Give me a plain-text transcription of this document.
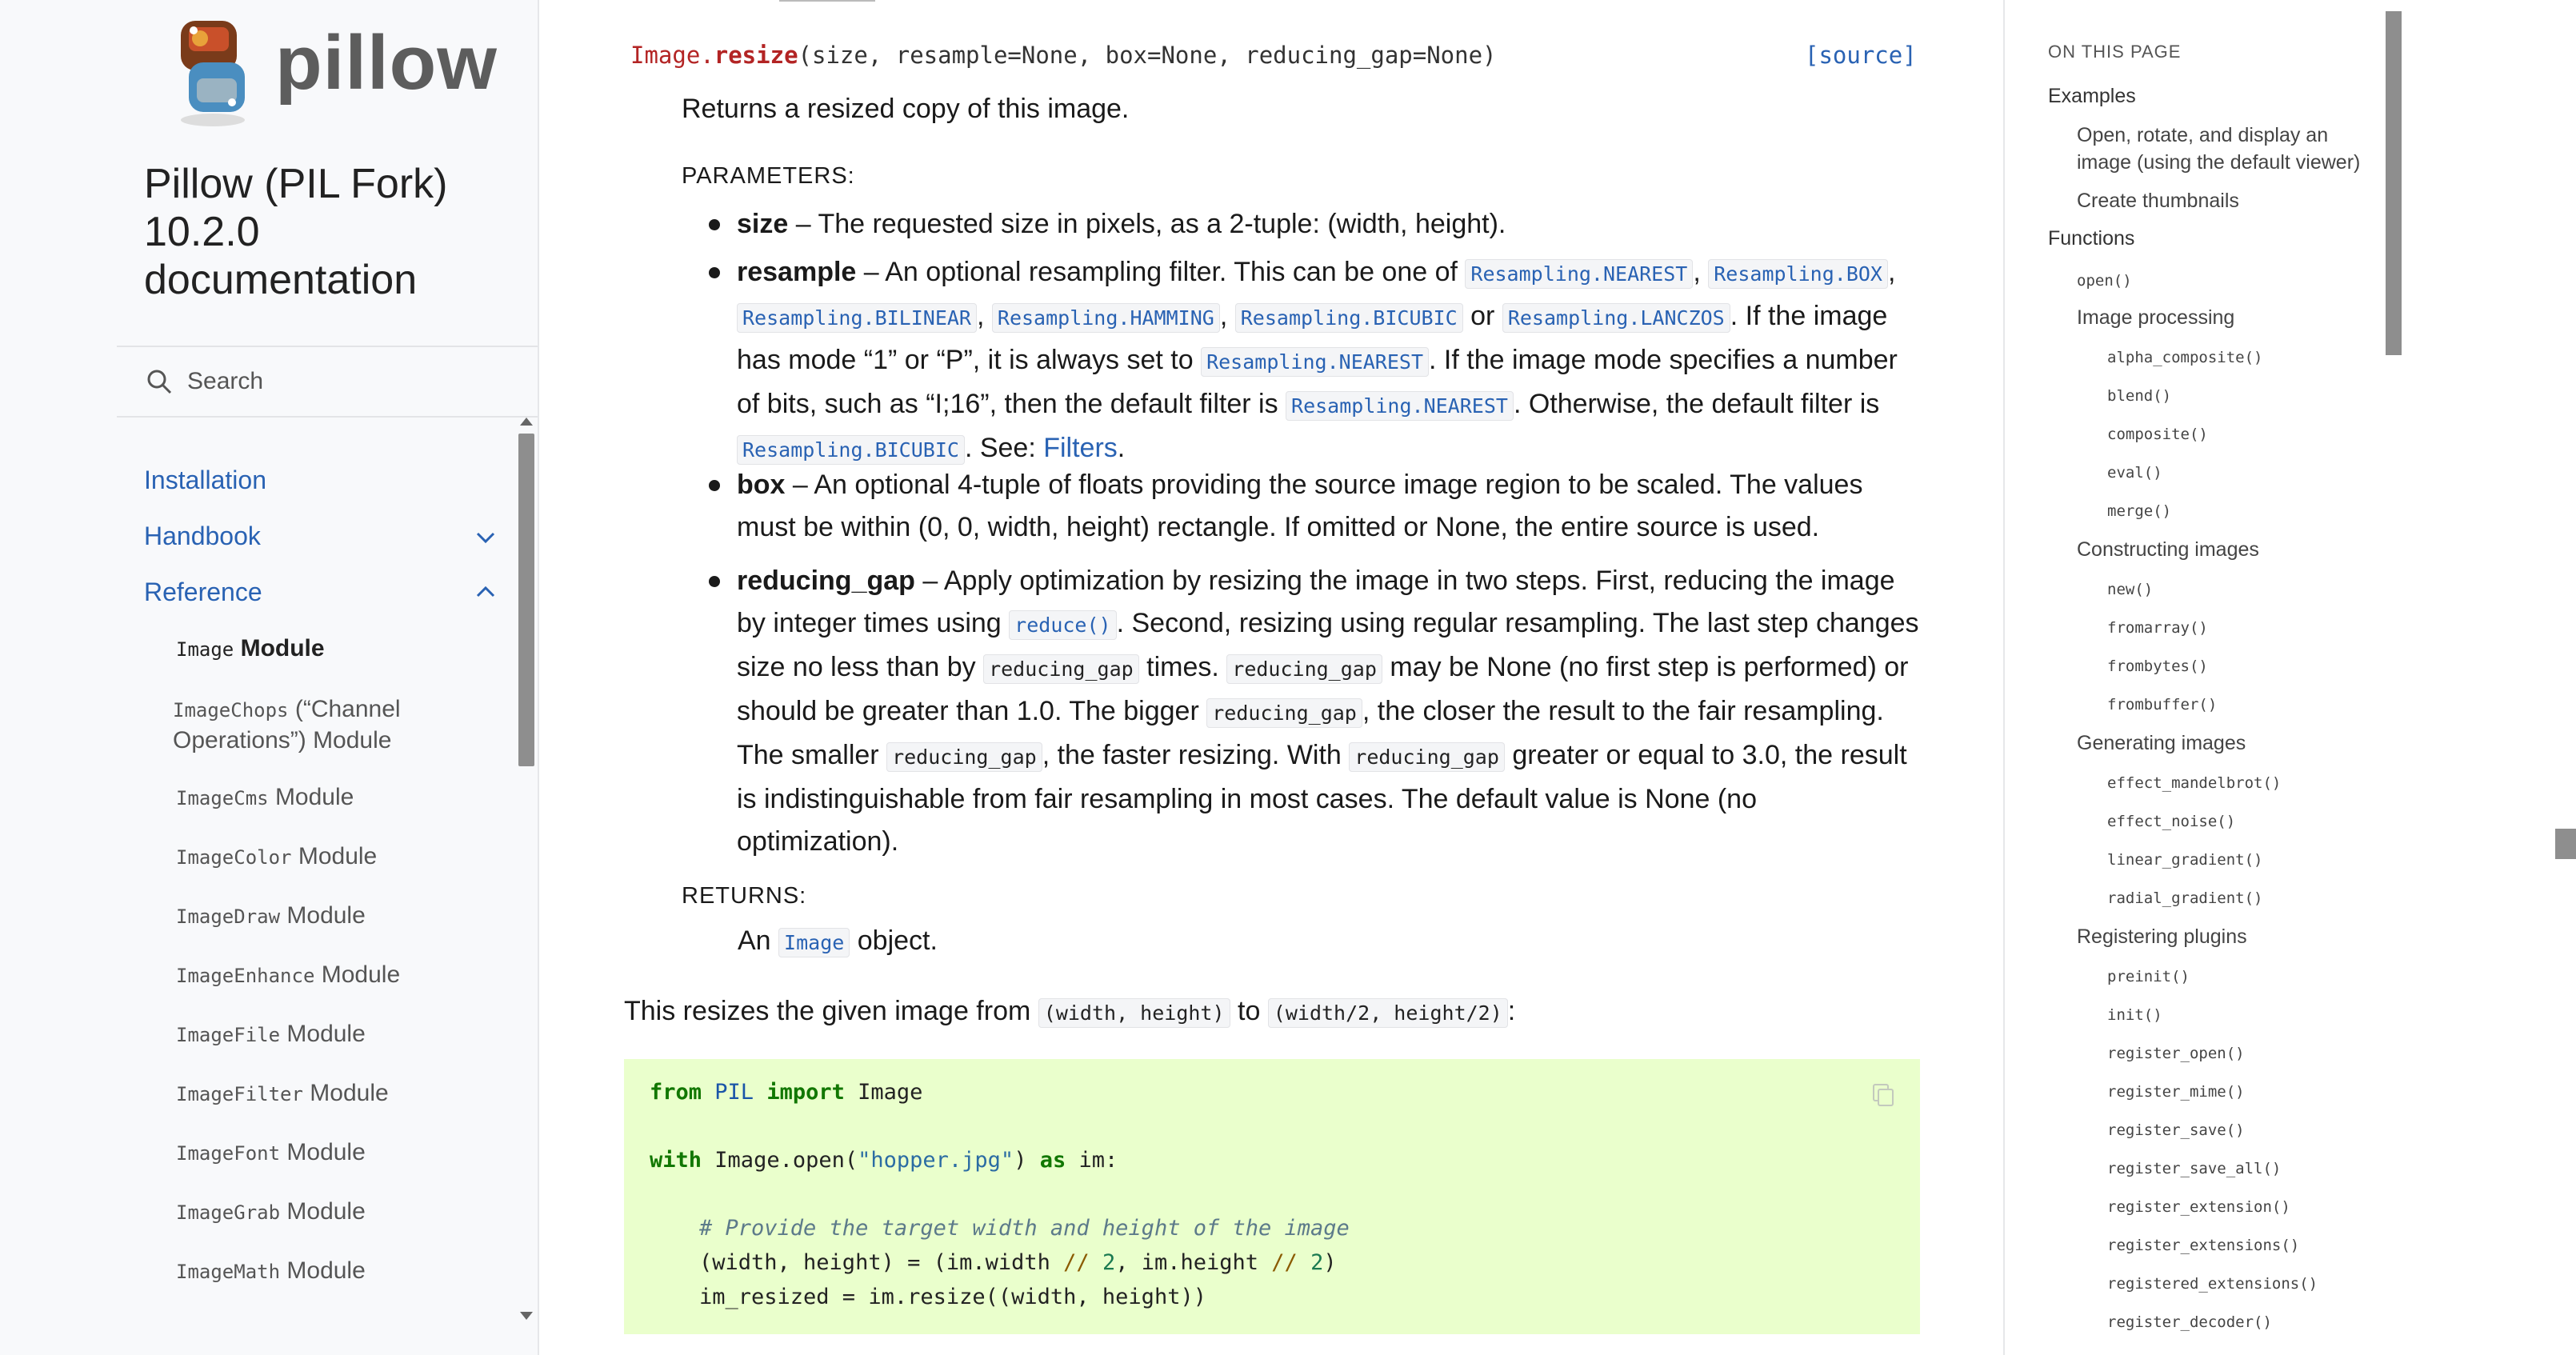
pillow
Pillow (PIL Fork) 10.2.0 documentation
Search
Installation
Handbook
Reference
Image Module
ImageChops (“Channel Operations”) Module
ImageCms Module
ImageColor Module
ImageDraw Module
ImageEnhance Module
ImageFile Module
ImageFilter Module
ImageFont Module
ImageGrab Module
ImageMath Module
Image.resize(size, resample=None, box=None, reducing_gap=None)	[source]
Returns a resized copy of this image.
PARAMETERS:
size – The requested size in pixels, as a 2-tuple: (width, height).
resample – An optional resampling filter. This can be one of Resampling.NEAREST , Resampling.BOX , Resampling.BILINEAR , Resampling.HAMMING , Resampling.BICUBIC or Resampling.LANCZOS . If the image has mode “1” or “P”, it is always set to Resampling.NEAREST . If the image mode specifies a number of bits, such as “I;16”, then the default filter is Resampling.NEAREST . Otherwise, the default filter is Resampling.BICUBIC . See: Filters.
box – An optional 4-tuple of floats providing the source image region to be scaled. The values must be within (0, 0, width, height) rectangle. If omitted or None, the entire source is used.
reducing_gap – Apply optimization by resizing the image in two steps. First, reducing the image by integer times using reduce() . Second, resizing using regular resampling. The last step changes size no less than by reducing_gap times. reducing_gap may be None (no first step is performed) or should be greater than 1.0. The bigger reducing_gap , the closer the result to the fair resampling. The smaller reducing_gap , the faster resizing. With reducing_gap greater or equal to 3.0, the result is indistinguishable from fair resampling in most cases. The default value is None (no optimization).
RETURNS:
An Image object.
This resizes the given image from (width, height) to (width/2, height/2) :
from PIL import Image
with Image.open("hopper.jpg") as im:
# Provide the target width and height of the image
(width, height) = (im.width // 2, im.height // 2)
im_resized = im.resize((width, height))
ON THIS PAGE
Examples
Open, rotate, and display an image (using the default viewer)
Create thumbnails
Functions
open()
Image processing
alpha_composite()
blend()
composite()
eval()
merge()
Constructing images
new()
fromarray()
frombytes()
frombuffer()
Generating images
effect_mandelbrot()
effect_noise()
linear_gradient()
radial_gradient()
Registering plugins
preinit()
init()
register_open()
register_mime()
register_save()
register_save_all()
register_extension()
register_extensions()
registered_extensions()
register_decoder()
